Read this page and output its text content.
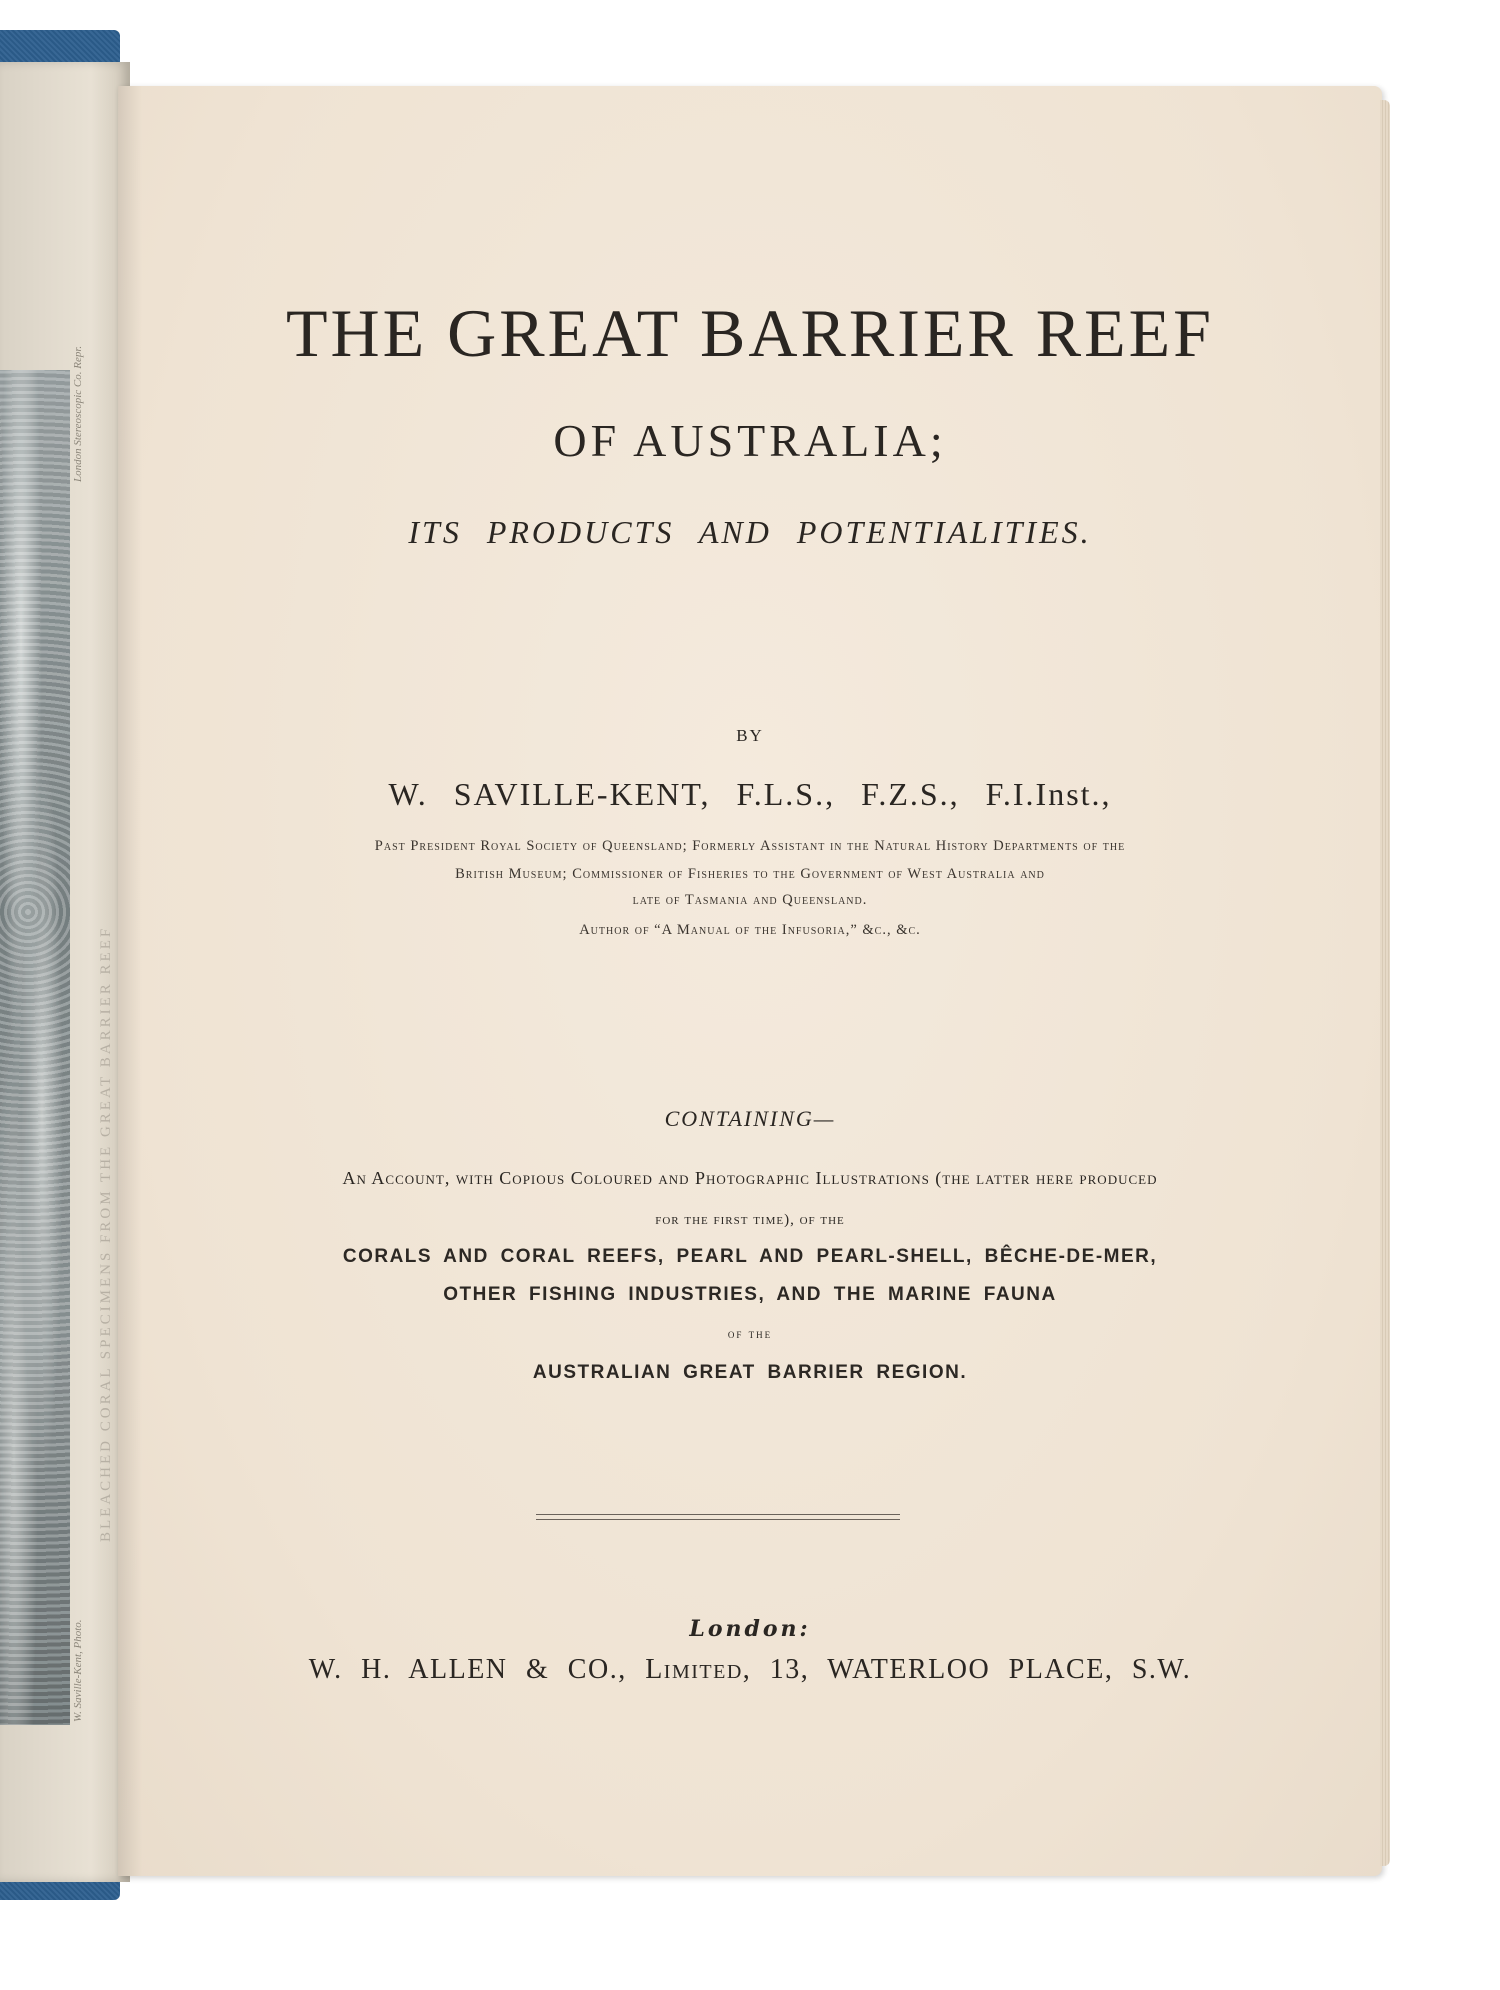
BLEACHED CORAL SPECIMENS FROM THE GREAT BARRIER REEF
W. Saville-Kent, Photo.
London Stereoscopic Co. Repr.
THE GREAT BARRIER REEF
OF AUSTRALIA;
ITS PRODUCTS AND POTENTIALITIES.
BY
W. SAVILLE-KENT, F.L.S., F.Z.S., F.I.Inst.,
Past President Royal Society of Queensland; Formerly Assistant in the Natural History Departments of the
British Museum; Commissioner of Fisheries to the Government of West Australia and
late of Tasmania and Queensland.
Author of “A Manual of the Infusoria,” &c., &c.
CONTAINING—
An Account, with Copious Coloured and Photographic Illustrations (the latter here produced
for the first time), of the
CORALS AND CORAL REEFS, PEARL AND PEARL-SHELL, BÊCHE-DE-MER,
OTHER FISHING INDUSTRIES, AND THE MARINE FAUNA
of the
AUSTRALIAN GREAT BARRIER REGION.
London:
W. H. ALLEN & CO., Limited, 13, WATERLOO PLACE, S.W.
